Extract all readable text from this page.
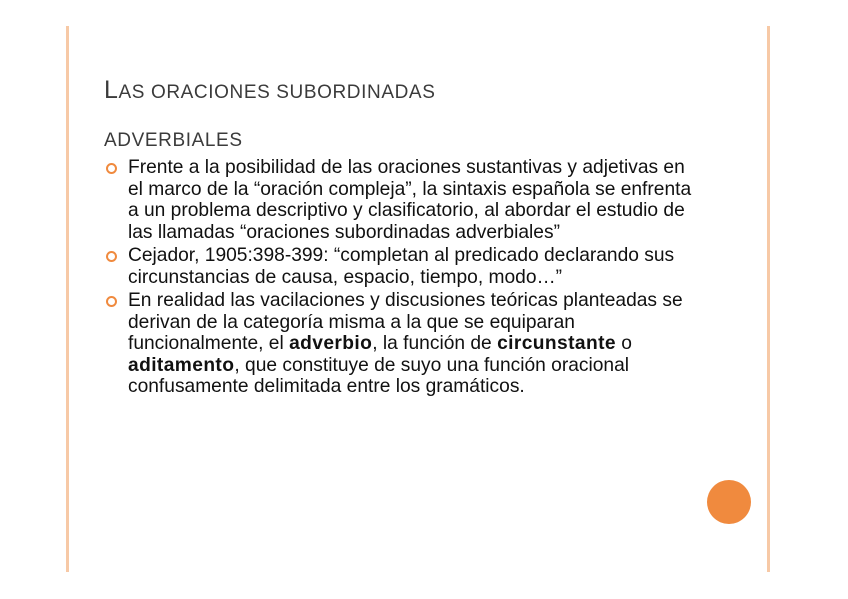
LAS ORACIONES SUBORDINADAS
ADVERBIALES
Frente a la posibilidad de las oraciones sustantivas y adjetivas en el marco de la “oración compleja”, la sintaxis española se enfrenta a un problema descriptivo y clasificatorio, al abordar el estudio de las llamadas “oraciones subordinadas adverbiales”
Cejador, 1905:398-399: “completan al predicado declarando sus circunstancias de causa, espacio, tiempo, modo…”
En realidad las vacilaciones y discusiones teóricas planteadas se derivan de la categoría misma a la que se equiparan funcionalmente, el adverbio, la función de circunstante o aditamento, que constituye de suyo una función oracional confusamente delimitada entre los gramáticos.
